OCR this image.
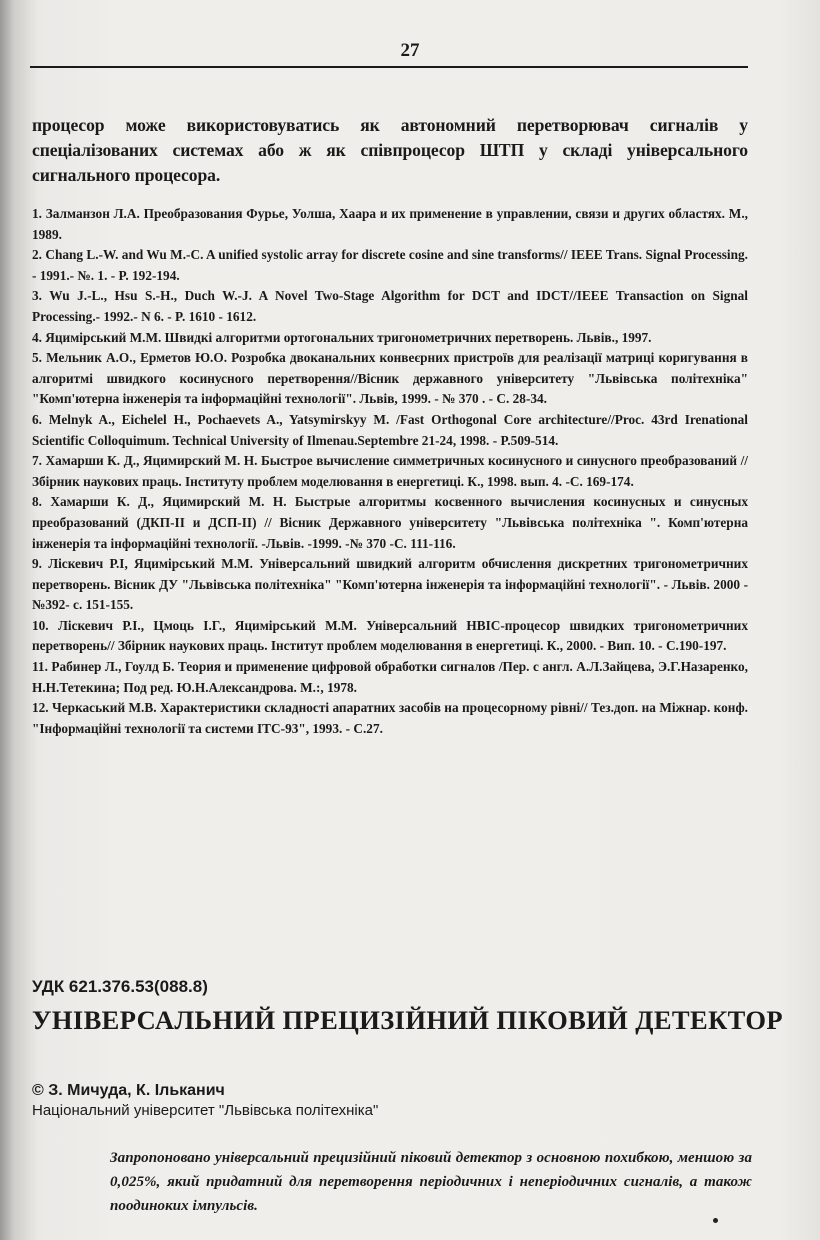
27

процесор може використовуватись як автономний перетворювач сигналів у спеціалізованих системах або ж як співпроцесор ШТП у складі універсального сигнального процесора.

1. Залманзон Л.А. Преобразования Фурье, Уолша, Хаара и их применение в управлении, связи и других областях. М., 1989.
2. Chang L.-W. and Wu M.-C. A unified systolic array for discrete cosine and sine transforms// IEEE Trans. Signal Processing. - 1991.- №. 1. - P. 192-194.
3. Wu J.-L., Hsu S.-H., Duch W.-J. A Novel Two-Stage Algorithm for DCT and IDCT//IEEE Transaction on Signal Processing.- 1992.- N 6. - P. 1610 - 1612.
4. Яцимірський М.М. Швидкі алгоритми ортогональних тригонометричних перетворень. Львів., 1997.
5. Мельник А.О., Ерметов Ю.О. Розробка двоканальних конвеєрних пристроїв для реалізації матриці коригування в алгоритмі швидкого косинусного перетворення//Вісник державного університету "Львівська політехніка" "Комп'ютерна інженерія та інформаційні технології". Львів, 1999. - № 370 . - С. 28-34.
6. Melnyk A., Eichelel H., Pochaevets A., Yatsymirskyy M. /Fast Orthogonal Core architecture//Proc. 43rd Irenational Scientific Colloquimum. Technical University of Ilmenau.Septembre 21-24, 1998. - P.509-514.
7. Хамарши К. Д., Яцимирский М. Н. Быстрое вычисление симметричных косинусного и синусного преобразований // Збірник наукових праць. Інституту проблем моделювання в енергетиці. К., 1998. вып. 4. -С. 169-174.
8. Хамарши К. Д., Яцимирский М. Н. Быстрые алгоритмы косвенного вычисления косинусных и синусных преобразований (ДКП-ІІ и ДСП-ІІ) // Вісник Державного університету "Львівська політехніка ". Комп'ютерна інженерія та інформаційні технології. -Львів. -1999. -№ 370 -С. 111-116.
9. Ліскевич Р.І, Яцимірський М.М. Універсальний швидкий алгоритм обчислення дискретних тригонометричних перетворень. Вісник ДУ "Львівська політехніка" "Комп'ютерна інженерія та інформаційні технології". - Львів. 2000 -№392- с. 151-155.
10. Ліскевич Р.І., Цмоць І.Г., Яцимірський М.М. Універсальний НВІС-процесор швидких тригонометричних перетворень// Збірник наукових праць. Інститут проблем моделювання в енергетиці. К., 2000. - Вип. 10. - С.190-197.
11. Рабинер Л., Гоулд Б. Теория и применение цифровой обработки сигналов /Пер. с англ. А.Л.Зайцева, Э.Г.Назаренко, Н.Н.Тетекина; Под ред. Ю.Н.Александрова. М.:, 1978.
12. Черкаський М.В. Характеристики складності апаратних засобів на процесорному рівні// Тез.доп. на Міжнар. конф. "Інформаційні технології та системи ІТС-93", 1993. - С.27.
УДК 621.376.53(088.8)
УНІВЕРСАЛЬНИЙ ПРЕЦИЗІЙНИЙ ПІКОВИЙ ДЕТЕКТОР
© З. Мичуда, К. Ільканич
Національний університет "Львівська політехніка"

Запропоновано універсальний прецизійний піковий детектор з основною похибкою, меншою за 0,025%, який придатний для перетворення періодичних і неперіодичних сигналів, а також поодиноких імпульсів.
